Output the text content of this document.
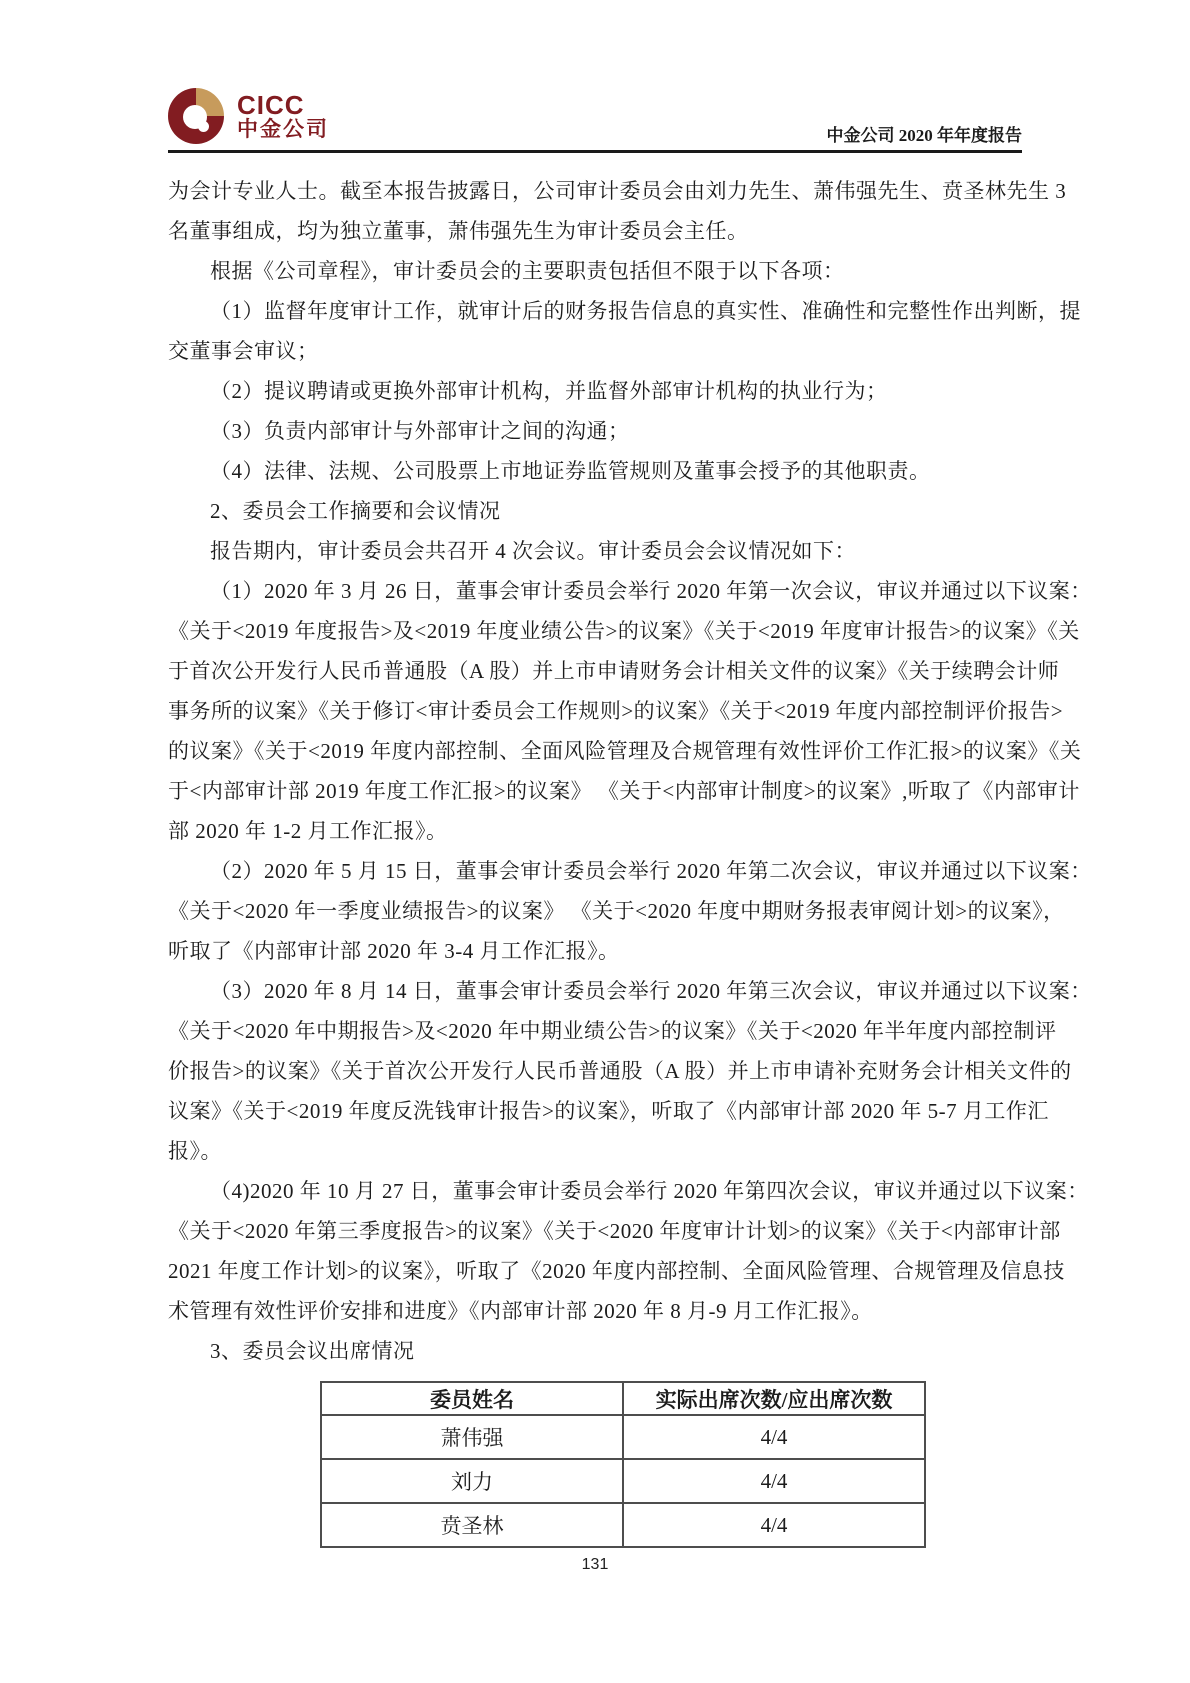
CICC
中金公司	中金公司 2020 年年度报告
为会计专业人士。截至本报告披露日，公司审计委员会由刘力先生、萧伟强先生、贲圣林先生 3
名董事组成，均为独立董事，萧伟强先生为审计委员会主任。
根据《公司章程》，审计委员会的主要职责包括但不限于以下各项：
（1）监督年度审计工作，就审计后的财务报告信息的真实性、准确性和完整性作出判断，提
交董事会审议；
（2）提议聘请或更换外部审计机构，并监督外部审计机构的执业行为；
（3）负责内部审计与外部审计之间的沟通；
（4）法律、法规、公司股票上市地证券监管规则及董事会授予的其他职责。
2、委员会工作摘要和会议情况
报告期内，审计委员会共召开 4 次会议。审计委员会会议情况如下：
（1）2020 年 3 月 26 日，董事会审计委员会举行 2020 年第一次会议，审议并通过以下议案：
《关于<2019 年度报告>及<2019 年度业绩公告>的议案》《关于<2019 年度审计报告>的议案》《关
于首次公开发行人民币普通股（A 股）并上市申请财务会计相关文件的议案》《关于续聘会计师
事务所的议案》《关于修订<审计委员会工作规则>的议案》《关于<2019 年度内部控制评价报告>
的议案》《关于<2019 年度内部控制、全面风险管理及合规管理有效性评价工作汇报>的议案》《关
于<内部审计部 2019 年度工作汇报>的议案》 《关于<内部审计制度>的议案》,听取了《内部审计
部 2020 年 1-2 月工作汇报》。
（2）2020 年 5 月 15 日，董事会审计委员会举行 2020 年第二次会议，审议并通过以下议案：
《关于<2020 年一季度业绩报告>的议案》 《关于<2020 年度中期财务报表审阅计划>的议案》，
听取了《内部审计部 2020 年 3-4 月工作汇报》。
（3）2020 年 8 月 14 日，董事会审计委员会举行 2020 年第三次会议，审议并通过以下议案：
《关于<2020 年中期报告>及<2020 年中期业绩公告>的议案》《关于<2020 年半年度内部控制评
价报告>的议案》《关于首次公开发行人民币普通股（A 股）并上市申请补充财务会计相关文件的
议案》《关于<2019 年度反洗钱审计报告>的议案》，听取了《内部审计部 2020 年 5-7 月工作汇
报》。
（4)2020 年 10 月 27 日，董事会审计委员会举行 2020 年第四次会议，审议并通过以下议案：
《关于<2020 年第三季度报告>的议案》《关于<2020 年度审计计划>的议案》《关于<内部审计部
2021 年度工作计划>的议案》，听取了《2020 年度内部控制、全面风险管理、合规管理及信息技
术管理有效性评价安排和进度》《内部审计部 2020 年 8 月-9 月工作汇报》。
3、委员会议出席情况
委员姓名	实际出席次数/应出席次数
萧伟强	4/4
刘力	4/4
贲圣林	4/4
131
